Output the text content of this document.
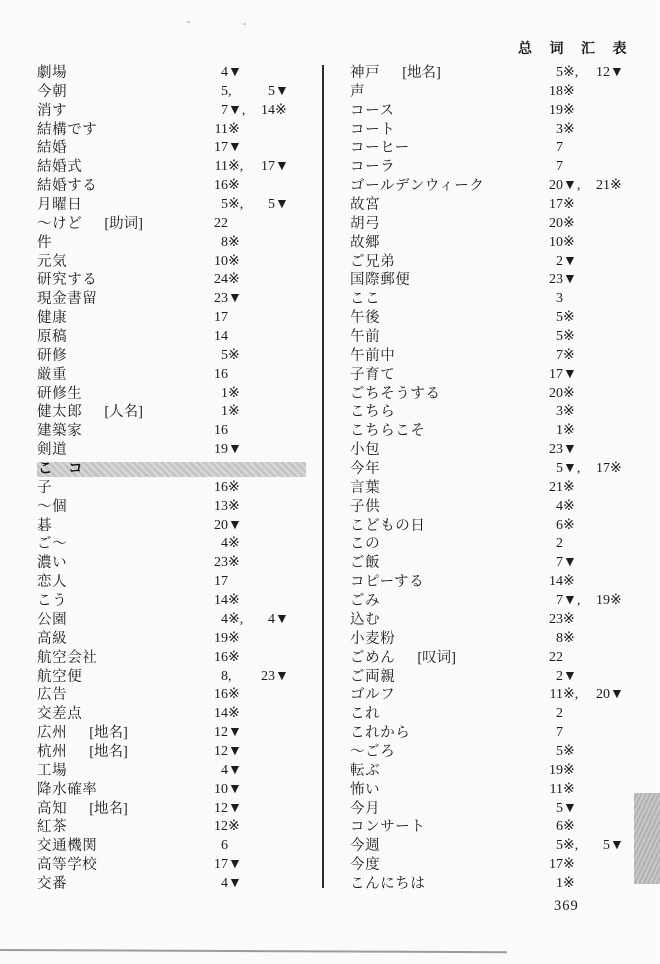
总 词 汇 表
劇場	4▼
今朝	5,	5▼
消す	7▼, 14※
結構です	11※
結婚	17▼
結婚式	11※, 17▼
結婚する	16※
月曜日	5※, 5▼
〜けど [助词]	22
件	8※
元気	10※
研究する	24※
現金書留	23▼
健康	17
原稿	14
研修	5※
厳重	16
研修生	1※
健太郎 [人名]	1※
建築家	16
剣道	19▼
こ コ
子	16※
〜個	13※
碁	20▼
ご〜	4※
濃い	23※
恋人	17
こう	14※
公園	4※, 4▼
高級	19※
航空会社	16※
航空便	8, 23▼
広告	16※
交差点	14※
広州 [地名]	12▼
杭州 [地名]	12▼
工場	4▼
降水確率	10▼
高知 [地名]	12▼
紅茶	12※
交通機関	6
高等学校	17▼
交番	4▼
神戸 [地名]	5※, 12▼
声	18※
コース	19※
コート	3※
コーヒー	7
コーラ	7
ゴールデンウィーク	20▼, 21※
故宮	17※
胡弓	20※
故郷	10※
ご兄弟	2▼
国際郵便	23▼
ここ	3
午後	5※
午前	5※
午前中	7※
子育て	17▼
ごちそうする	20※
こちら	3※
こちらこそ	1※
小包	23▼
今年	5▼, 17※
言葉	21※
子供	4※
こどもの日	6※
この	2
ご飯	7▼
コピーする	14※
ごみ	7▼, 19※
込む	23※
小麦粉	8※
ごめん [叹词]	22
ご両親	2▼
ゴルフ	11※, 20▼
これ	2
これから	7
〜ごろ	5※
転ぶ	19※
怖い	11※
今月	5▼
コンサート	6※
今週	5※, 5▼
今度	17※
こんにちは	1※
369
